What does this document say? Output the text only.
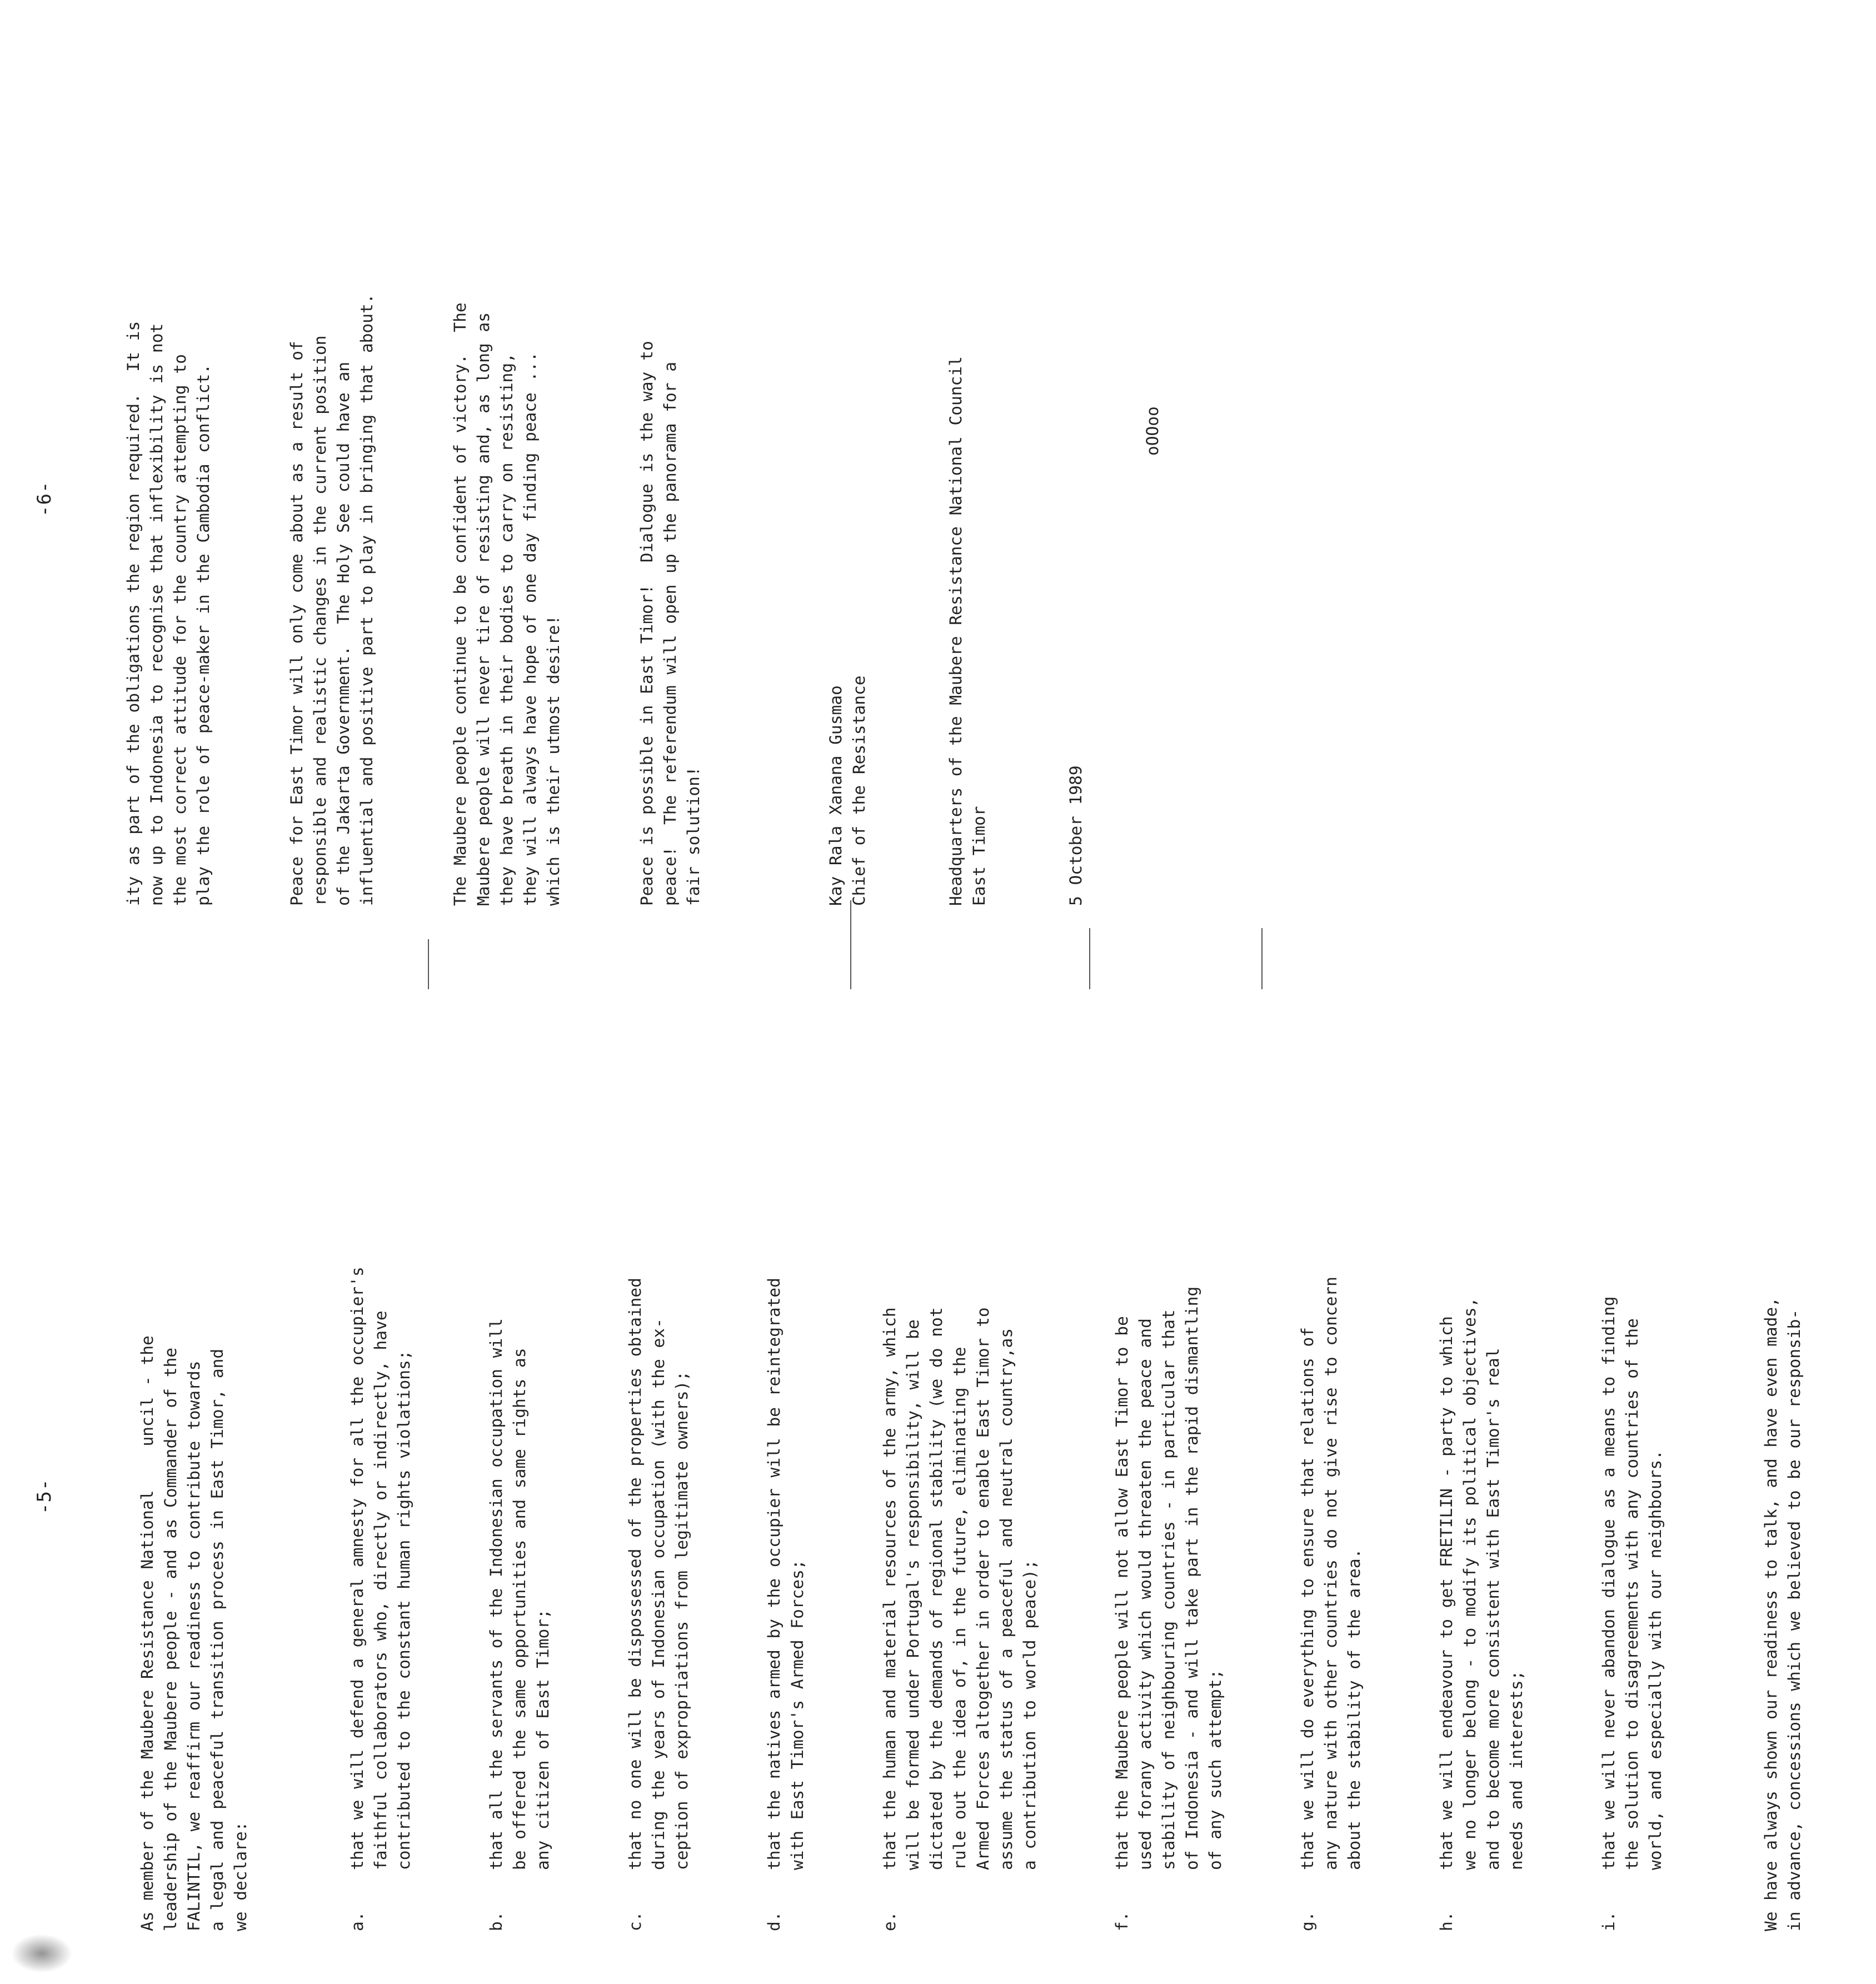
-5-

As member of the Maubere Resistance National    uncil - the
leadership of the Maubere people - and as Commander of the
FALINTIL, we reaffirm our readiness to contribute towards
a legal and peaceful transition process in East Timor, and
we declare:

a.
that we will defend a general amnesty for all the occupier's
faithful collaborators who, directly or indirectly, have
contributed to the constant human rights violations;

b.
that all the servants of the Indonesian occupation will
be offered the same opportunities and same rights as
any citizen of East Timor;

c.
that no one will be dispossessed of the properties obtained
during the years of Indonesian occupation (with the ex-
ception of expropriations from legitimate owners);

d.
that the natives armed by the occupier will be reintegrated
with East Timor's Armed Forces;

e.
that the human and material resources of the army, which
will be formed under Portugal's responsibility, will be
dictated by the demands of regional stability (we do not
rule out the idea of, in the future, eliminating the
Armed Forces altogether in order to enable East Timor to
assume the status of a peaceful and neutral country,as
a contribution to world peace);

f.
that the Maubere people will not allow East Timor to be
used forany activity which would threaten the peace and
stability of neighbouring countries - in particular that
of Indonesia - and will take part in the rapid dismantling
of any such attempt;

g.
that we will do everything to ensure that relations of
any nature with other countries do not give rise to concern
about the stability of the area.

h.
that we will endeavour to get FRETILIN - party to which
we no longer belong - to modify its political objectives,
and to become more consistent with East Timor's real
needs and interests;

i.
that we will never abandon dialogue as a means to finding
the solution to disagreements with any countries of the
world, and especially with our neighbours.

We have always shown our readiness to talk, and have even made,
in advance, concessions which we believed to be our responsib-

-6-

ity as part of the obligations the region required.  It is
now up to Indonesia to recognise that inflexibility is not
the most correct attitude for the country attempting to
play the role of peace-maker in the Cambodia conflict.

Peace for East Timor will only come about as a result of
responsible and realistic changes in the current position
of the Jakarta Government.  The Holy See could have an
influential and positive part to play in bringing that about.

The Maubere people continue to be confident of victory.  The
Maubere people will never tire of resisting and, as long as
they have breath in their bodies to carry on resisting,
they will always have hope of one day finding peace ...
which is their utmost desire!

Peace is possible in East Timor!  Dialogue is the way to
peace!  The referendum will open up the panorama for a
fair solution!

Kay Rala Xanana Gusmao
Chief of the Resistance

Headquarters of the Maubere Resistance National Council
East Timor

	5 October 1989

oOOoo
